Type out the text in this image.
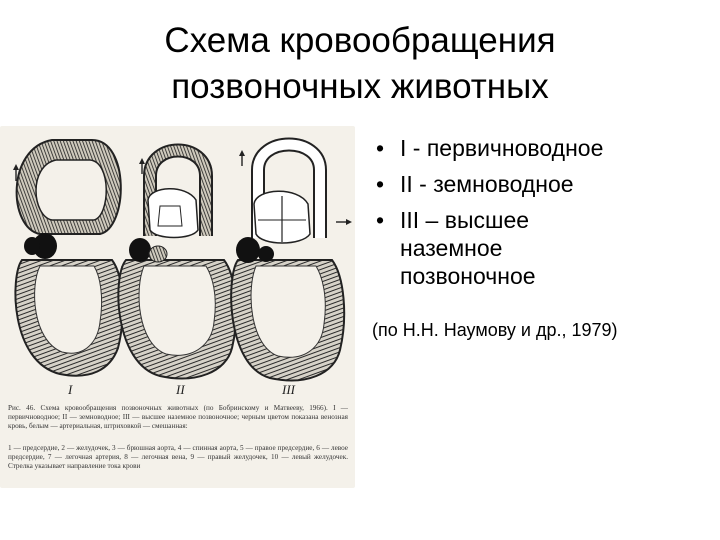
Схема кровообращения
позвоночных животных
I	II	III
Рис. 46. Схема кровообращения позвоночных животных (по Бобринскому и Матвееву, 1966). I — первичноводное; II — земноводное; III — высшее наземное позвоночное; черным цветом показана венозная кровь, белым — артериальная, штриховкой — смешанная:
1 — предсердие, 2 — желудочек, 3 — брюшная аорта, 4 — спинная аорта, 5 — правое предсердие, 6 — левое предсердие, 7 — легочная артерия, 8 — легочная вена, 9 — правый желудочек, 10 — левый желудочек. Стрелка указывает направление тока крови
• I - первичноводное
• II - земноводное
• III – высшее наземное позвоночное
(по Н.Н. Наумову и др., 1979)
